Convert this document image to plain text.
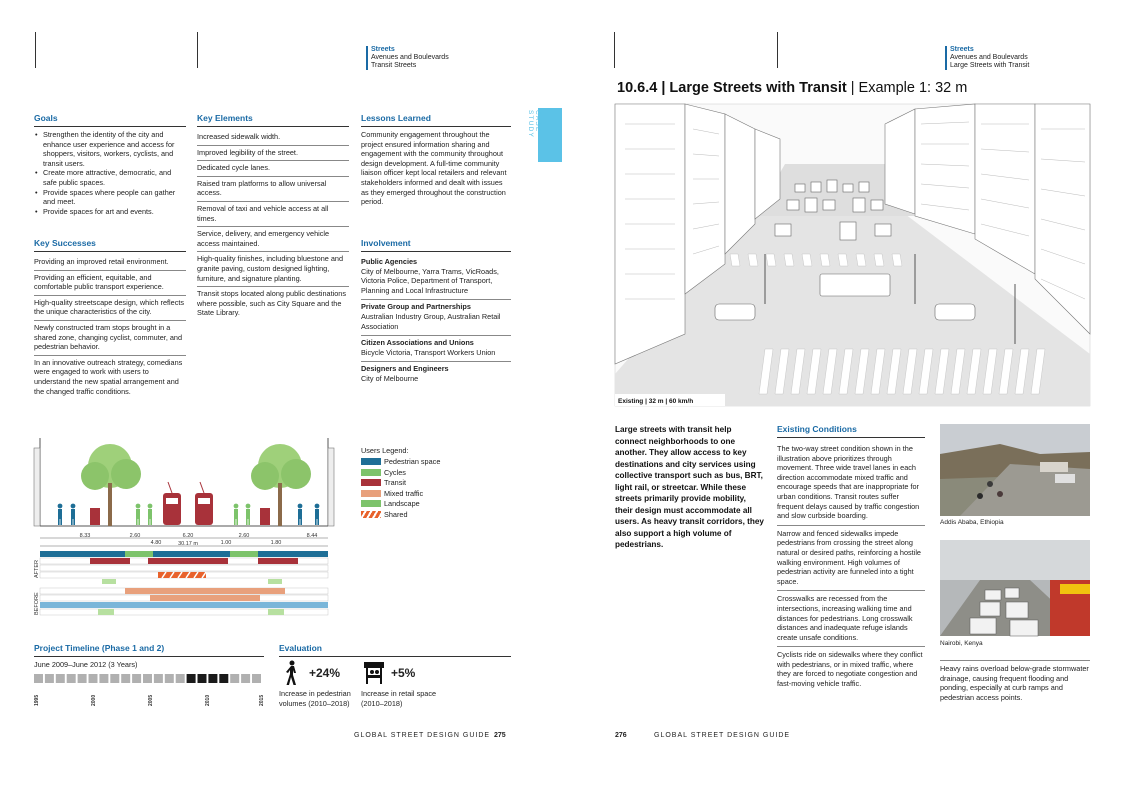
Streets
Avenues and Boulevards
Transit Streets
CASE STUDY
Goals
• Strengthen the identity of the city and enhance user experience and access for shoppers, visitors, workers, cyclists, and transit users.
• Create more attractive, democratic, and safe public spaces.
• Provide spaces where people can gather and meet.
• Provide spaces for art and events.
Key Successes
Providing an improved retail environment.
Providing an efficient, equitable, and comfortable public transport experience.
High-quality streetscape design, which reflects the unique characteristics of the city.
Newly constructed tram stops brought in a shared zone, changing cyclist, commuter, and pedestrian behavior.
In an innovative outreach strategy, comedians were engaged to work with users to understand the new spatial arrangement and the changed traffic conditions.
Key Elements
Increased sidewalk width.
Improved legibility of the street.
Dedicated cycle lanes.
Raised tram platforms to allow universal access.
Removal of taxi and vehicle access at all times.
Service, delivery, and emergency vehicle access maintained.
High-quality finishes, including bluestone and granite paving, custom designed lighting, furniture, and signature planting.
Transit stops located along public destinations where possible, such as City Square and the State Library.
Lessons Learned
Community engagement throughout the project ensured information sharing and engagement with the community throughout design development. A full-time community liaison officer kept local retailers and relevant stakeholders informed and dealt with issues as they emerged throughout the construction period.
Involvement
Public Agencies
City of Melbourne, Yarra Trams, VicRoads, Victoria Police, Department of Transport, Planning and Local Infrastructure
Private Group and Partnerships
Australian Industry Group, Australian Retail Association
Citizen Associations and Unions
Bicycle Victoria, Transport Workers Union
Designers and Engineers
City of Melbourne
8.33	2.60
4.80
6.20
1.00
2.60
1.80
8.44
30.17 m
AFTER
BEFORE
Users Legend:
Pedestrian space
Cycles
Transit
Mixed traffic
Landscape
Shared
Project Timeline (Phase 1 and 2)
June 2009–June 2012 (3 Years)
1995	2000	2005	2010	2015
Evaluation
+24%
Increase in pedestrian volumes (2010–2018)
+5%
Increase in retail space (2010–2018)
GLOBAL STREET DESIGN GUIDE 275
Streets
Avenues and Boulevards
Large Streets with Transit
10.6.4 | Large Streets with Transit | Example 1: 32 m
Existing | 32 m | 60 km/h
Large streets with transit help connect neighborhoods to one another. They allow access to key destinations and city services using collective transport such as bus, BRT, light rail, or streetcar. While these streets primarily provide mobility, their design must accommodate all users. As heavy transit corridors, they also support a high volume of pedestrians.
Existing Conditions
The two-way street condition shown in the illustration above prioritizes through movement. Three wide travel lanes in each direction accommodate mixed traffic and encourage speeds that are inappropriate for urban conditions. Transit routes suffer frequent delays caused by traffic congestion and slow curbside boarding.
Narrow and fenced sidewalks impede pedestrians from crossing the street along natural or desired paths, reinforcing a hostile walking environment. High volumes of pedestrian activity are funneled into a tight space.
Crosswalks are recessed from the intersections, increasing walking time and distances for pedestrians. Long crosswalk distances and inadequate refuge islands create unsafe conditions.
Cyclists ride on sidewalks where they conflict with pedestrians, or in mixed traffic, where they are forced to negotiate congestion and fast-moving vehicle traffic.
Addis Ababa, Ethiopia
Nairobi, Kenya
Heavy rains overload below-grade stormwater drainage, causing frequent flooding and ponding, especially at curb ramps and pedestrian access points.
276	GLOBAL STREET DESIGN GUIDE
